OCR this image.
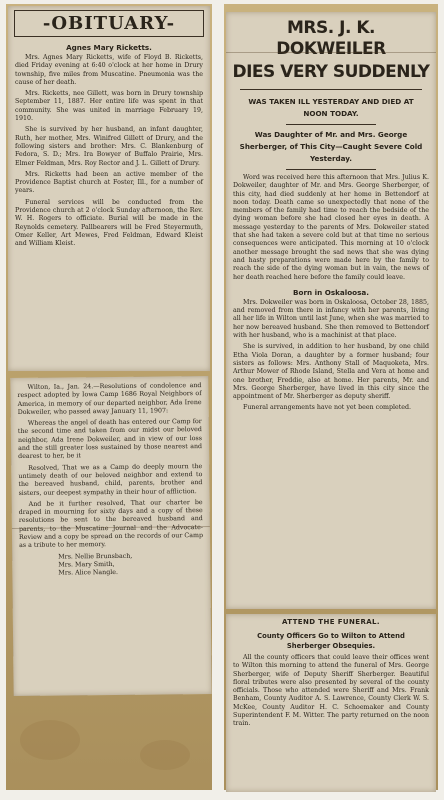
-OBITUARY-
Agnes Mary Ricketts.

Mrs. Agnes Mary Ricketts, wife of Floyd B. Ricketts, died Friday evening at 6:40 o'clock at her home in Drury township, five miles from Muscatine. Pneumonia was the cause of her death.

Mrs. Ricketts, nee Gillett, was born in Drury township September 11, 1887. Her entire life was spent in that community. She was united in marriage February 19, 1910.

She is survived by her husband, an infant daughter, Ruth, her mother, Mrs. Winifred Gillett of Drury, and the following sisters and brother: Mrs. C. Blankenburg of Fedora, S. D.; Mrs. Ira Bowyer of Buffalo Prairie, Mrs. Elmer Feldman, Mrs. Roy Rector and J. L. Gillett of Drury.

Mrs. Ricketts had been an active member of the Providence Baptist church at Foster, Ill., for a number of years.

Funeral services will be conducted from the Providence church at 2 o'clock Sunday afternoon, the Rev. W. H. Rogers to officiate. Burial will be made in the Reynolds cemetery. Pallbearers will be Fred Steyermuth, Omer Keller, Art Mewes, Fred Feldman, Edward Kleist and William Kleist.

Wilton, Ia., Jan. 24.—Resolutions of condolence and respect adopted by Iowa Camp 1686 Royal Neighbors of America, in memory of our departed neighbor, Ada Irene Dokweiler, who passed away January 11, 1907:

Whereas the angel of death has entered our Camp for the second time and taken from our midst our beloved neighbor, Ada Irene Dokweiler, and in view of our loss and the still greater loss sustained by those nearest and dearest to her, be it

Resolved, That we as a Camp do deeply mourn the untimely death of our beloved neighbor and extend to the bereaved husband, child, parents, brother and sisters, our deepest sympathy in their hour of affliction.

And be it further resolved, That our charter be draped in mourning for sixty days and a copy of these resolutions be sent to the bereaved husband and parents, to the Muscatine Journal and the Advocate-Review and a copy be spread on the records of our Camp as a tribute to her memory.

Mrs. Nellie Brunsbach,
Mrs. Mary Smith,
Mrs. Alice Nangle.
MRS. J. K. DOKWEILER
DIES VERY SUDDENLY
WAS TAKEN ILL YESTERDAY AND DIED AT NOON TODAY.
Was Daughter of Mr. and Mrs. George Sherberger, of This City—Caught Severe Cold Yesterday.

Word was received here this afternoon that Mrs. Julius K. Dokweiler, daughter of Mr. and Mrs. George Sherberger, of this city, had died suddenly at her home in Bettendorf at noon today. Death came so unexpectedly that none of the members of the family had time to reach the bedside of the dying woman before she had closed her eyes in death. A message yesterday to the parents of Mrs. Dokweiler stated that she had taken a severe cold but at that time no serious consequences were anticipated. This morning at 10 o'clock another message brought the sad news that she was dying and hasty preparations were made here by the family to reach the side of the dying woman but in vain, the news of her death reached here before the family could leave.

Born in Oskaloosa.

Mrs. Dokweiler was born in Oskaloosa, October 28, 1885, and removed from there in infancy with her parents, living all her life in Wilton until last June, when she was married to her now bereaved husband. She then removed to Bettendorf with her husband, who is a machinist at that place.

She is survived, in addition to her husband, by one child Etha Viola Doran, a daughter by a former husband; four sisters as follows: Mrs. Anthony Stall of Maquoketa, Mrs. Arthur Mower of Rhode Island, Stella and Vera at home and one brother, Freddie, also at home. Her parents, Mr. and Mrs. George Sherberger, have lived in this city since the appointment of Mr. Sherberger as deputy sheriff.

Funeral arrangements have not yet been completed.

ATTEND THE FUNERAL.
County Officers Go to Wilton to Attend Sherberger Obsequies.

All the county officers that could leave their offices went to Wilton this morning to attend the funeral of Mrs. George Sherberger, wife of Deputy Sheriff Sherberger. Beautiful floral tributes were also presented by several of the county officials. Those who attended were Sheriff and Mrs. Frank Benham, County Auditor A. S. Lawrence, County Clerk W. S. McKee, County Auditor H. C. Schoemaker and County Superintendent F. M. Witter. The party returned on the noon train.
